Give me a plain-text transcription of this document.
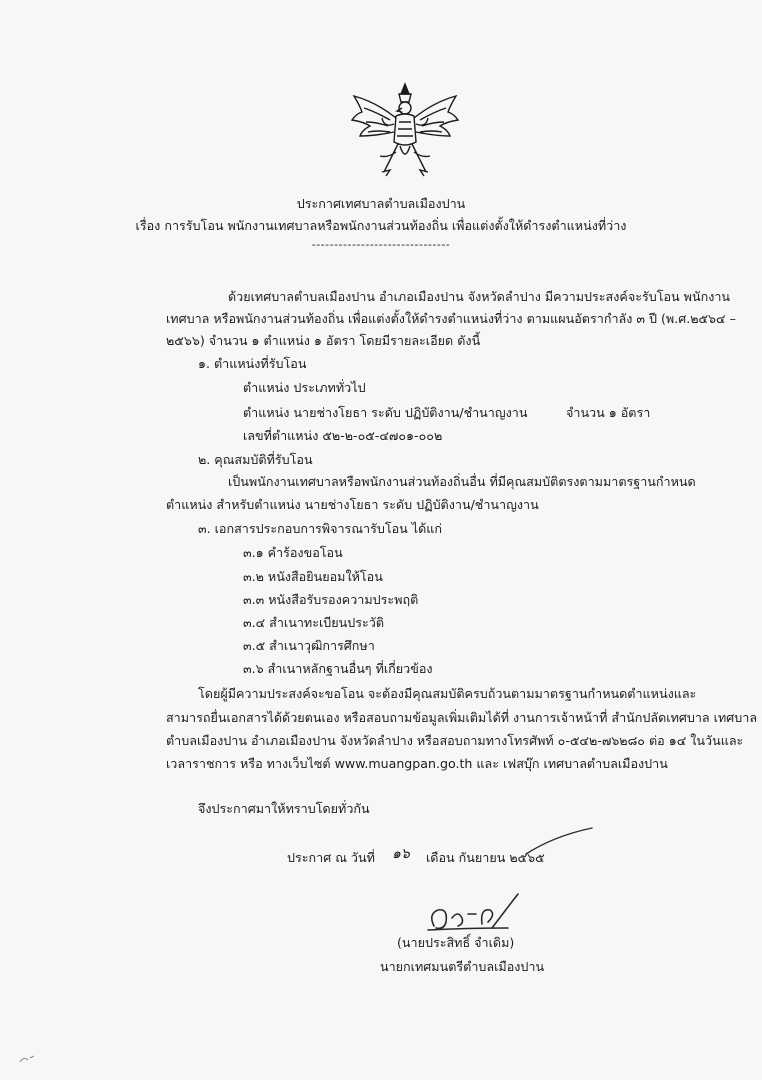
ประกาศเทศบาลตำบลเมืองปาน
เรื่อง การรับโอน พนักงานเทศบาลหรือพนักงานส่วนท้องถิ่น เพื่อแต่งตั้งให้ดำรงตำแหน่งที่ว่าง
-------------------------------
ด้วยเทศบาลตำบลเมืองปาน อำเภอเมืองปาน จังหวัดลำปาง มีความประสงค์จะรับโอน พนักงาน
เทศบาล หรือพนักงานส่วนท้องถิ่น เพื่อแต่งตั้งให้ดำรงตำแหน่งที่ว่าง ตามแผนอัตรากำลัง ๓ ปี (พ.ศ.๒๕๖๔ –
๒๕๖๖) จำนวน ๑ ตำแหน่ง ๑ อัตรา โดยมีรายละเอียด ดังนี้
๑. ตำแหน่งที่รับโอน
ตำแหน่ง ประเภททั่วไป
ตำแหน่ง นายช่างโยธา ระดับ ปฏิบัติงาน/ชำนาญงาน	จำนวน ๑ อัตรา
เลขที่ตำแหน่ง ๕๒-๒-๐๕-๔๗๐๑-๐๐๒
๒. คุณสมบัติที่รับโอน
เป็นพนักงานเทศบาลหรือพนักงานส่วนท้องถิ่นอื่น ที่มีคุณสมบัติตรงตามมาตรฐานกำหนด
ตำแหน่ง สำหรับตำแหน่ง นายช่างโยธา ระดับ ปฏิบัติงาน/ชำนาญงาน
๓. เอกสารประกอบการพิจารณารับโอน ได้แก่
๓.๑ คำร้องขอโอน
๓.๒ หนังสือยินยอมให้โอน
๓.๓ หนังสือรับรองความประพฤติ
๓.๔ สำเนาทะเบียนประวัติ
๓.๕ สำเนาวุฒิการศึกษา
๓.๖ สำเนาหลักฐานอื่นๆ ที่เกี่ยวข้อง
โดยผู้มีความประสงค์จะขอโอน จะต้องมีคุณสมบัติครบถ้วนตามมาตรฐานกำหนดตำแหน่งและ
สามารถยื่นเอกสารได้ด้วยตนเอง หรือสอบถามข้อมูลเพิ่มเติมได้ที่ งานการเจ้าหน้าที่ สำนักปลัดเทศบาล เทศบาล
ตำบลเมืองปาน อำเภอเมืองปาน จังหวัดลำปาง หรือสอบถามทางโทรศัพท์ ๐-๕๔๒-๗๖๒๘๐ ต่อ ๑๔ ในวันและ
เวลาราชการ หรือ ทางเว็บไซต์ www.muangpan.go.th และ เฟสบุ๊ก เทศบาลตำบลเมืองปาน
จึงประกาศมาให้ทราบโดยทั่วกัน
ประกาศ ณ วันที่ ๑๖ เดือน กันยายน ๒๕๖๕
(นายประสิทธิ์ จำเดิม)
นายกเทศมนตรีตำบลเมืองปาน
